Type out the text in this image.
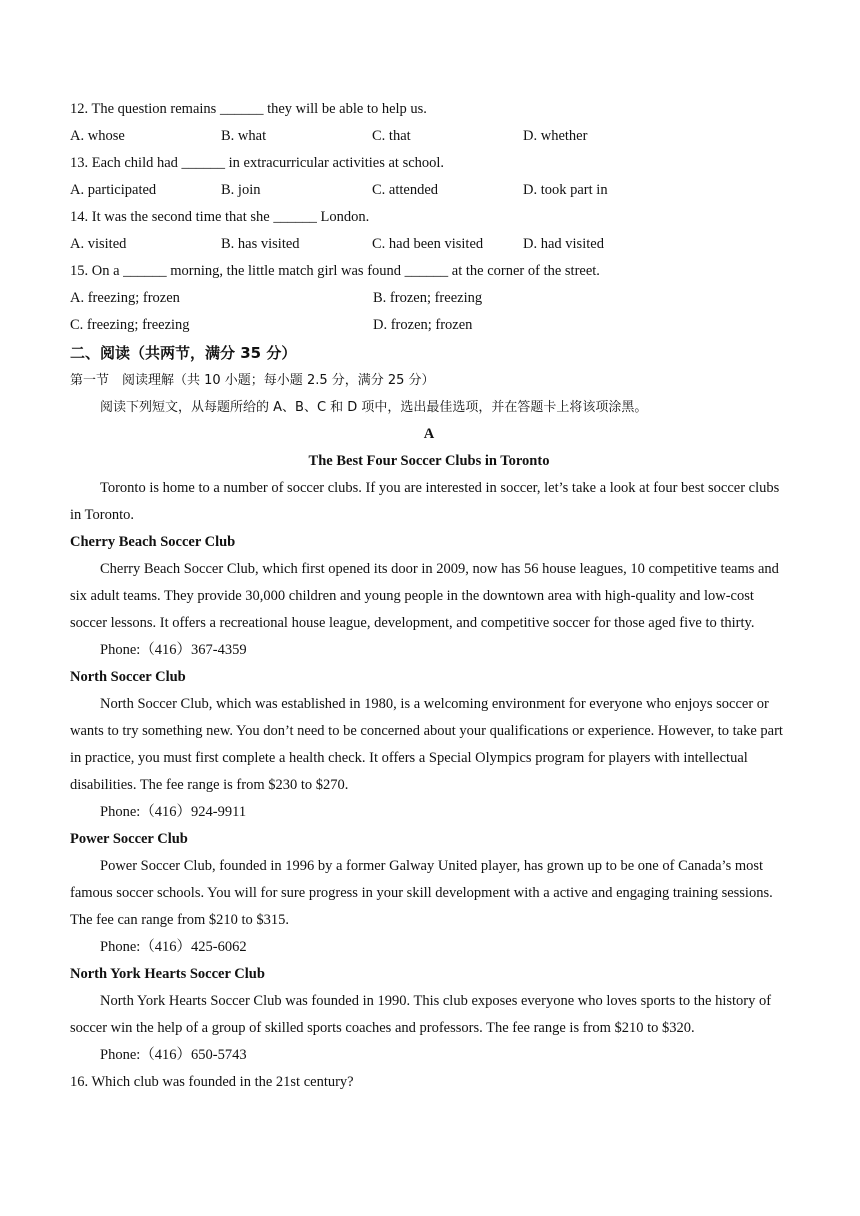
12. The question remains ______ they will be able to help us.
A. whose	B. what	C. that	D. whether
13. Each child had ______ in extracurricular activities at school.
A. participated	B. join	C. attended	D. took part in
14. It was the second time that she ______ London.
A. visited	B. has visited	C. had been visited	D. had visited
15. On a ______ morning, the little match girl was found ______ at the corner of the street.
A. freezing; frozen	B. frozen; freezing
C. freezing; freezing	D. frozen; frozen
二、阅读（共两节，满分 35 分）
第一节　阅读理解（共 10 小题；每小题 2.5 分，满分 25 分）
阅读下列短文，从每题所给的 A、B、C 和 D 项中，选出最佳选项，并在答题卡上将该项涂黑。
A
The Best Four Soccer Clubs in Toronto
Toronto is home to a number of soccer clubs. If you are interested in soccer, let’s take a look at four best soccer clubs in Toronto.
Cherry Beach Soccer Club
Cherry Beach Soccer Club, which first opened its door in 2009, now has 56 house leagues, 10 competitive teams and six adult teams. They provide 30,000 children and young people in the downtown area with high-quality and low-cost soccer lessons. It offers a recreational house league, development, and competitive soccer for those aged five to thirty.
Phone:（416）367-4359
North Soccer Club
North Soccer Club, which was established in 1980, is a welcoming environment for everyone who enjoys soccer or wants to try something new. You don’t need to be concerned about your qualifications or experience. However, to take part in practice, you must first complete a health check. It offers a Special Olympics program for players with intellectual disabilities. The fee range is from $230 to $270.
Phone:（416）924-9911
Power Soccer Club
Power Soccer Club, founded in 1996 by a former Galway United player, has grown up to be one of Canada’s most famous soccer schools. You will for sure progress in your skill development with a active and engaging training sessions. The fee can range from $210 to $315.
Phone:（416）425-6062
North York Hearts Soccer Club
North York Hearts Soccer Club was founded in 1990. This club exposes everyone who loves sports to the history of soccer win the help of a group of skilled sports coaches and professors. The fee range is from $210 to $320.
Phone:（416）650-5743
16. Which club was founded in the 21st century?
